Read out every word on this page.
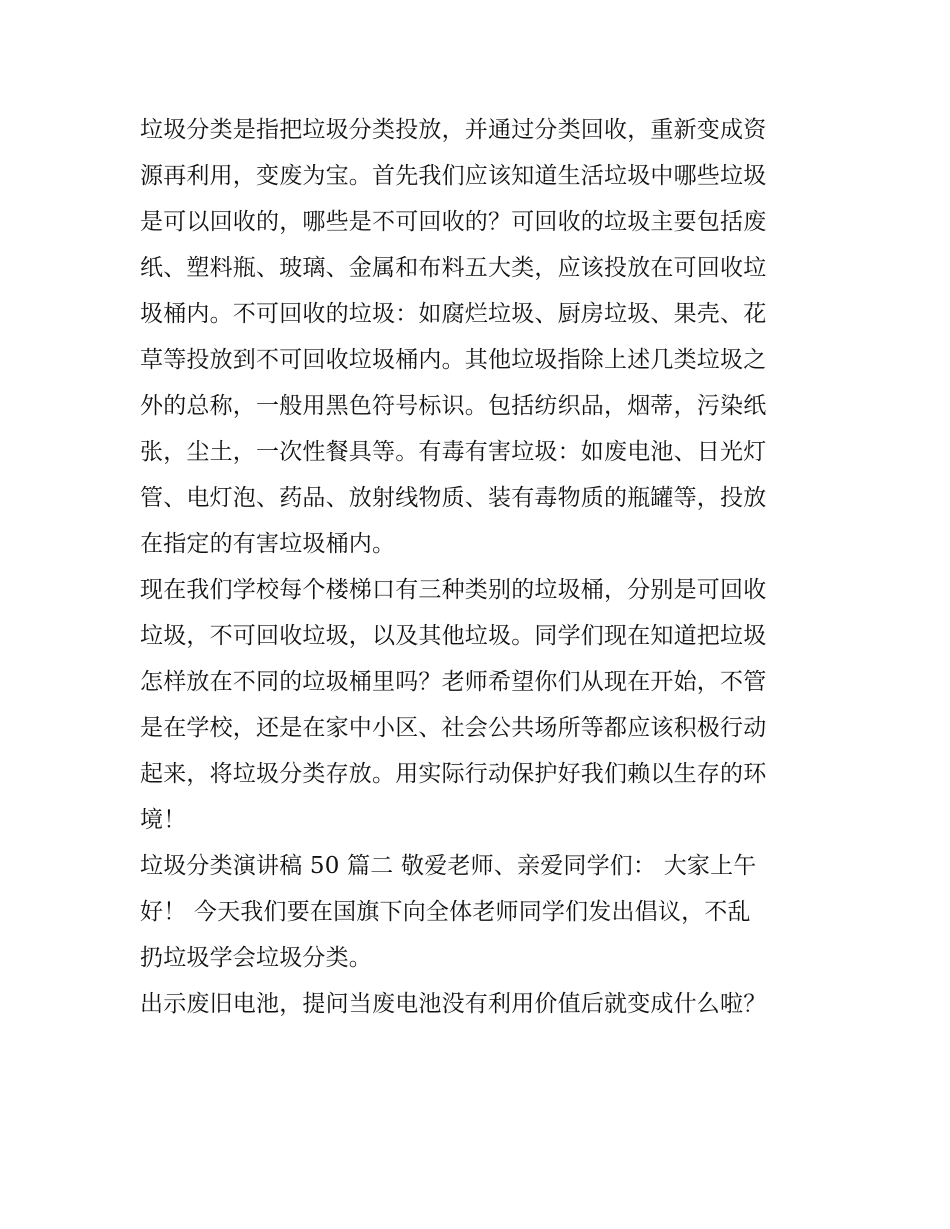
垃圾分类是指把垃圾分类投放，并通过分类回收，重新变成资
源再利用，变废为宝。首先我们应该知道生活垃圾中哪些垃圾
是可以回收的，哪些是不可回收的？可回收的垃圾主要包括废
纸、塑料瓶、玻璃、金属和布料五大类，应该投放在可回收垃
圾桶内。不可回收的垃圾：如腐烂垃圾、厨房垃圾、果壳、花
草等投放到不可回收垃圾桶内。其他垃圾指除上述几类垃圾之
外的总称，一般用黑色符号标识。包括纺织品，烟蒂，污染纸
张，尘土，一次性餐具等。有毒有害垃圾：如废电池、日光灯
管、电灯泡、药品、放射线物质、装有毒物质的瓶罐等，投放
在指定的有害垃圾桶内。

现在我们学校每个楼梯口有三种类别的垃圾桶，分别是可回收
垃圾，不可回收垃圾，以及其他垃圾。同学们现在知道把垃圾
怎样放在不同的垃圾桶里吗？老师希望你们从现在开始，不管
是在学校，还是在家中小区、社会公共场所等都应该积极行动
起来，将垃圾分类存放。用实际行动保护好我们赖以生存的环
境！

垃圾分类演讲稿 50 篇二 敬爱老师、亲爱同学们： 大家上午
好！ 今天我们要在国旗下向全体老师同学们发出倡议，不乱
扔垃圾学会垃圾分类。

出示废旧电池，提问当废电池没有利用价值后就变成什么啦？
